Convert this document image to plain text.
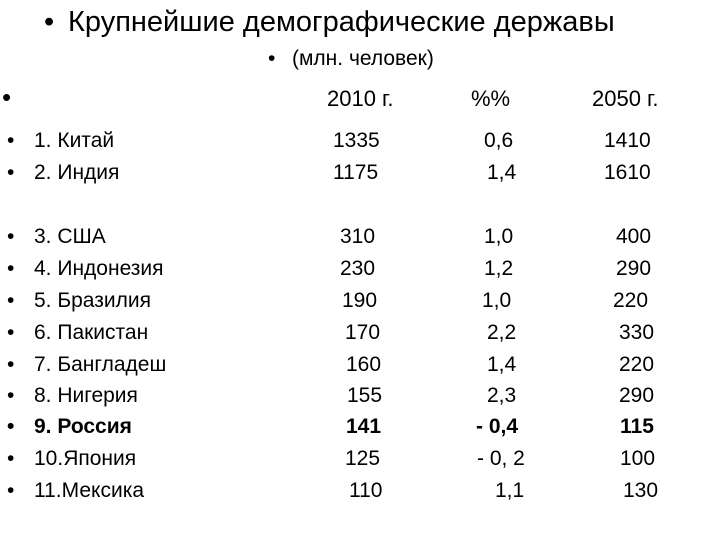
• Крупнейшие демографические державы
• (млн. человек)
•	2010 г.	%%	2050 г.
• 1. Китай	1335	0,6	1410
• 2. Индия	1175	1,4	1610
• 3. США	310	1,0	400
• 4. Индонезия	230	1,2	290
• 5. Бразилия	190	1,0	220
• 6. Пакистан	170	2,2	330
• 7. Бангладеш	160	1,4	220
• 8. Нигерия	155	2,3	290
• 9. Россия	141	- 0,4	115
• 10.Япония	125	- 0, 2	100
• 11.Мексика	110	1,1	130
